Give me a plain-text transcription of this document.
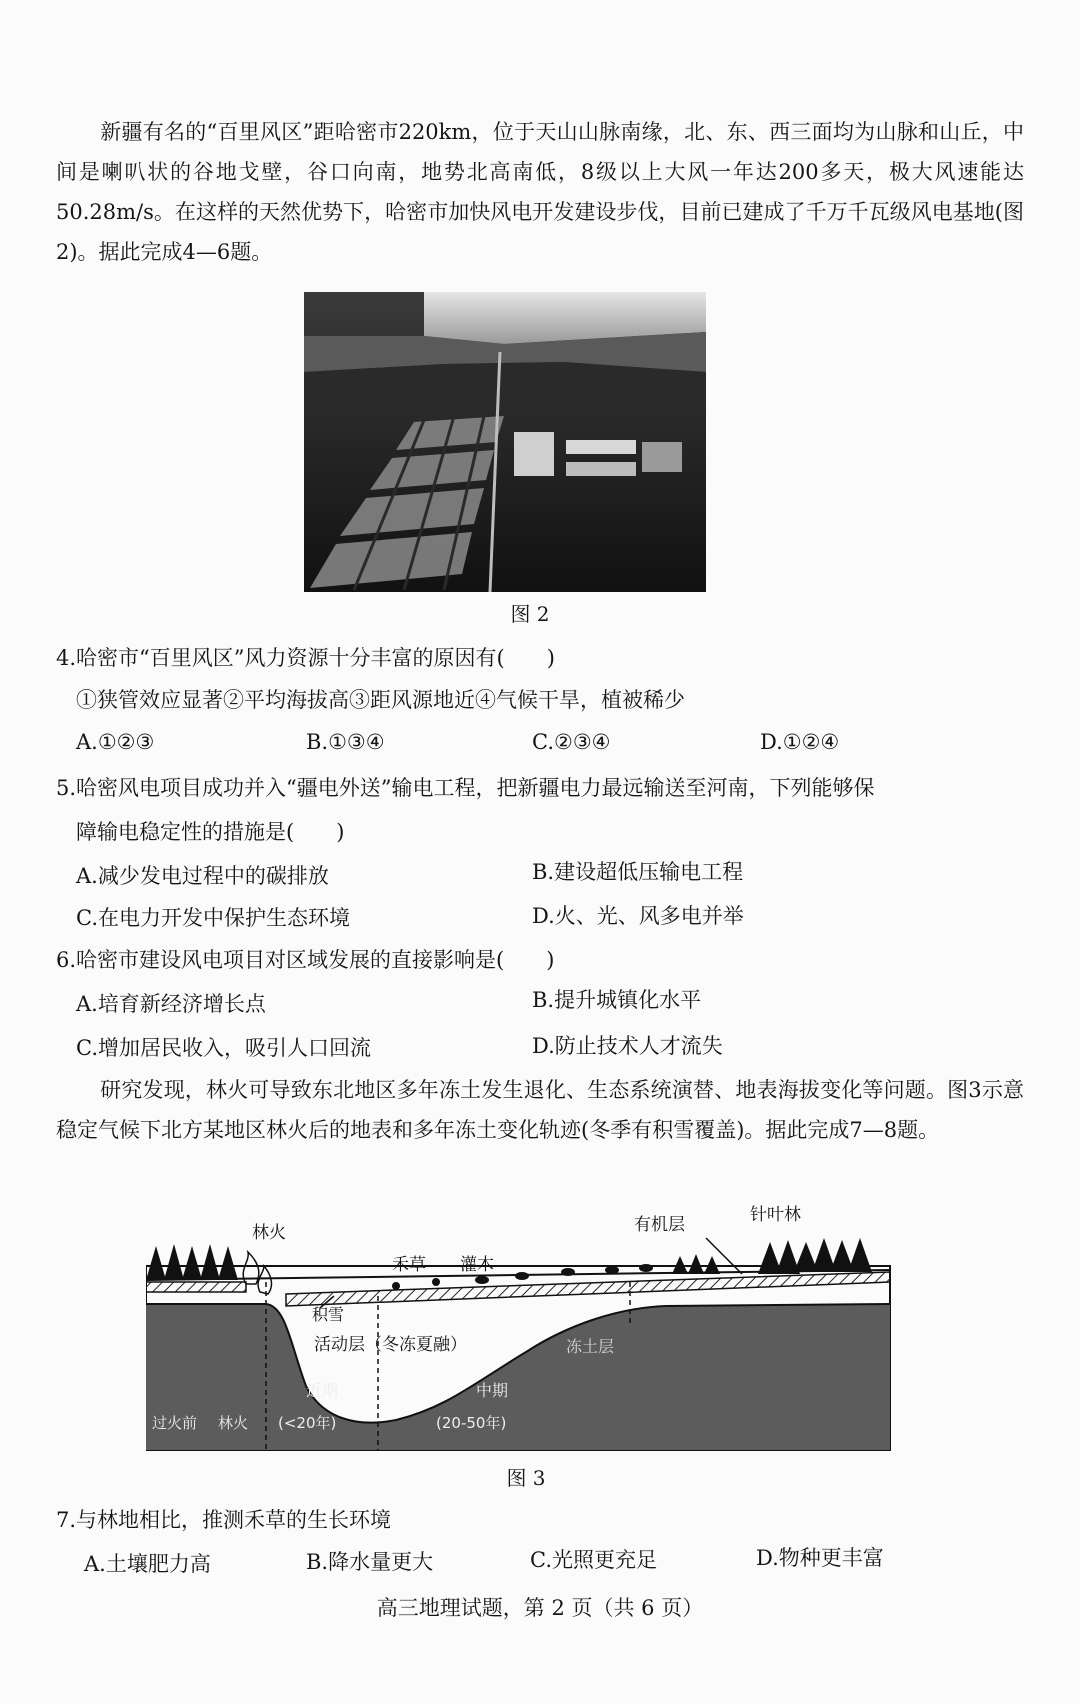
新疆有名的“百里风区”距哈密市220km，位于天山山脉南缘，北、东、西三面均为山脉和山丘，中间是喇叭状的谷地戈壁，谷口向南，地势北高南低，8级以上大风一年达200多天，极大风速能达50.28m/s。在这样的天然优势下，哈密市加快风电开发建设步伐，目前已建成了千万千瓦级风电基地(图2)。据此完成4—6题。
图 2
4.哈密市“百里风区”风力资源十分丰富的原因有(　　)
①狭管效应显著②平均海拔高③距风源地近④气候干旱，植被稀少
A.①②③	B.①③④	C.②③④	D.①②④
5.哈密风电项目成功并入“疆电外送”输电工程，把新疆电力最远输送至河南，下列能够保
障输电稳定性的措施是(　　)
A.减少发电过程中的碳排放	B.建设超低压输电工程
C.在电力开发中保护生态环境	D.火、光、风多电并举
6.哈密市建设风电项目对区域发展的直接影响是(　　)
A.培育新经济增长点	B.提升城镇化水平
C.增加居民收入，吸引人口回流	D.防止技术人才流失
研究发现，林火可导致东北地区多年冻土发生退化、生态系统演替、地表海拔变化等问题。图3示意稳定气候下北方某地区林火后的地表和多年冻土变化轨迹(冬季有积雪覆盖)。据此完成7—8题。
林火
禾草 灌木
有机层	针叶林
积雪
活动层（冬冻夏融）	冻土层
近期	中期
过火前 林火 (<20年)	(20-50年)
图 3
7.与林地相比，推测禾草的生长环境
A.土壤肥力高	B.降水量更大	C.光照更充足	D.物种更丰富
高三地理试题，第 2 页（共 6 页）
